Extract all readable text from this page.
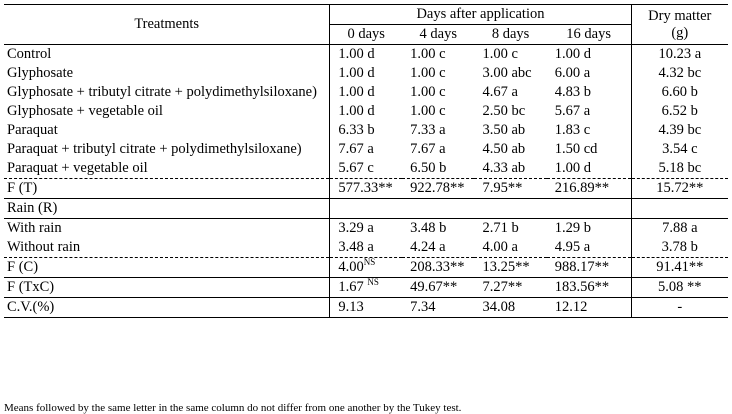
Treatments	Days after application				Dry matter
(g)
	0 days	4 days	8 days	16 days	
Control	1.00 d	1.00 c	1.00 c	1.00 d	10.23 a
Glyphosate	1.00 d	1.00 c	3.00 abc	6.00 a	4.32 bc
Glyphosate + tributyl citrate + polydimethylsiloxane)	1.00 d	1.00 c	4.67 a	4.83 b	6.60 b
Glyphosate + vegetable oil	1.00 d	1.00 c	2.50 bc	5.67 a	6.52 b
Paraquat	6.33 b	7.33 a	3.50 ab	1.83 c	4.39 bc
Paraquat + tributyl citrate + polydimethylsiloxane)	7.67 a	7.67 a	4.50 ab	1.50 cd	3.54 c
Paraquat + vegetable oil	5.67 c	6.50 b	4.33 ab	1.00 d	5.18 bc
F (T)	577.33**	922.78**	7.95**	216.89**	15.72**
Rain (R)					
With rain	3.29 a	3.48 b	2.71 b	1.29 b	7.88 a
Without rain	3.48 a	4.24 a	4.00 a	4.95 a	3.78 b
F (C)	$4.00^{NS}$	208.33**	13.25**	988.17**	91.41**
F (TxC)	1.67 $^{NS}$	49.67**	7.27**	183.56**	5.08 **
C.V.(%)	9.13	7.34	34.08	12.12	-
Means followed by the same letter in the same column do not differ from one another by the Tukey test.
